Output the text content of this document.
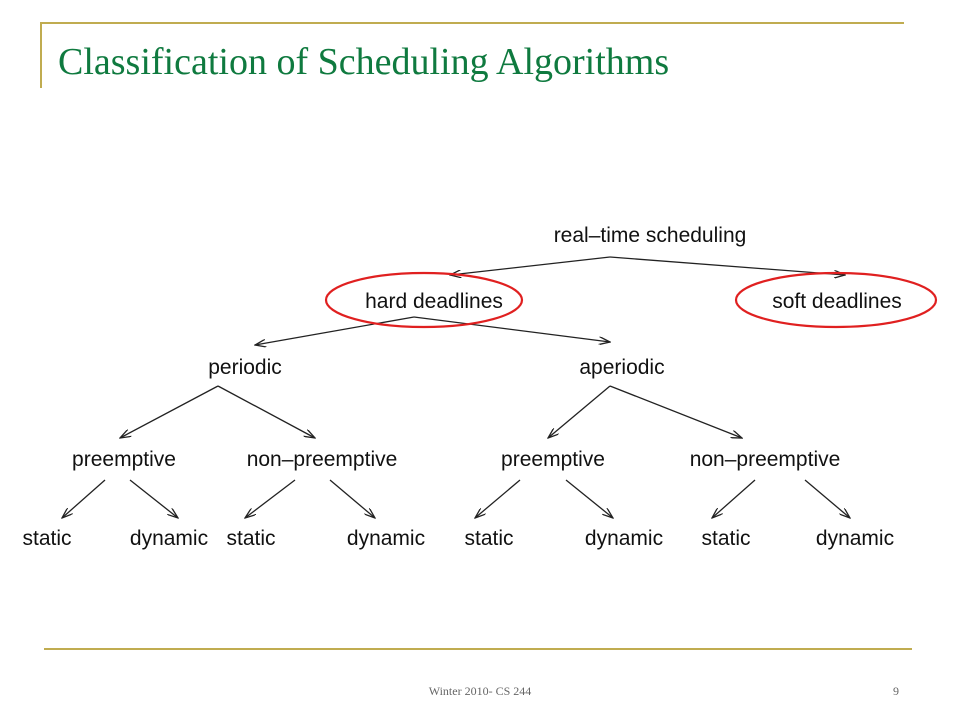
Classification of Scheduling Algorithms
real–time scheduling
hard deadlines	soft deadlines
periodic	aperiodic
preemptive	non–preemptive	preemptive	non–preemptive
static	dynamic static	dynamic static	dynamic static	dynamic
Winter 2010- CS 244	9
